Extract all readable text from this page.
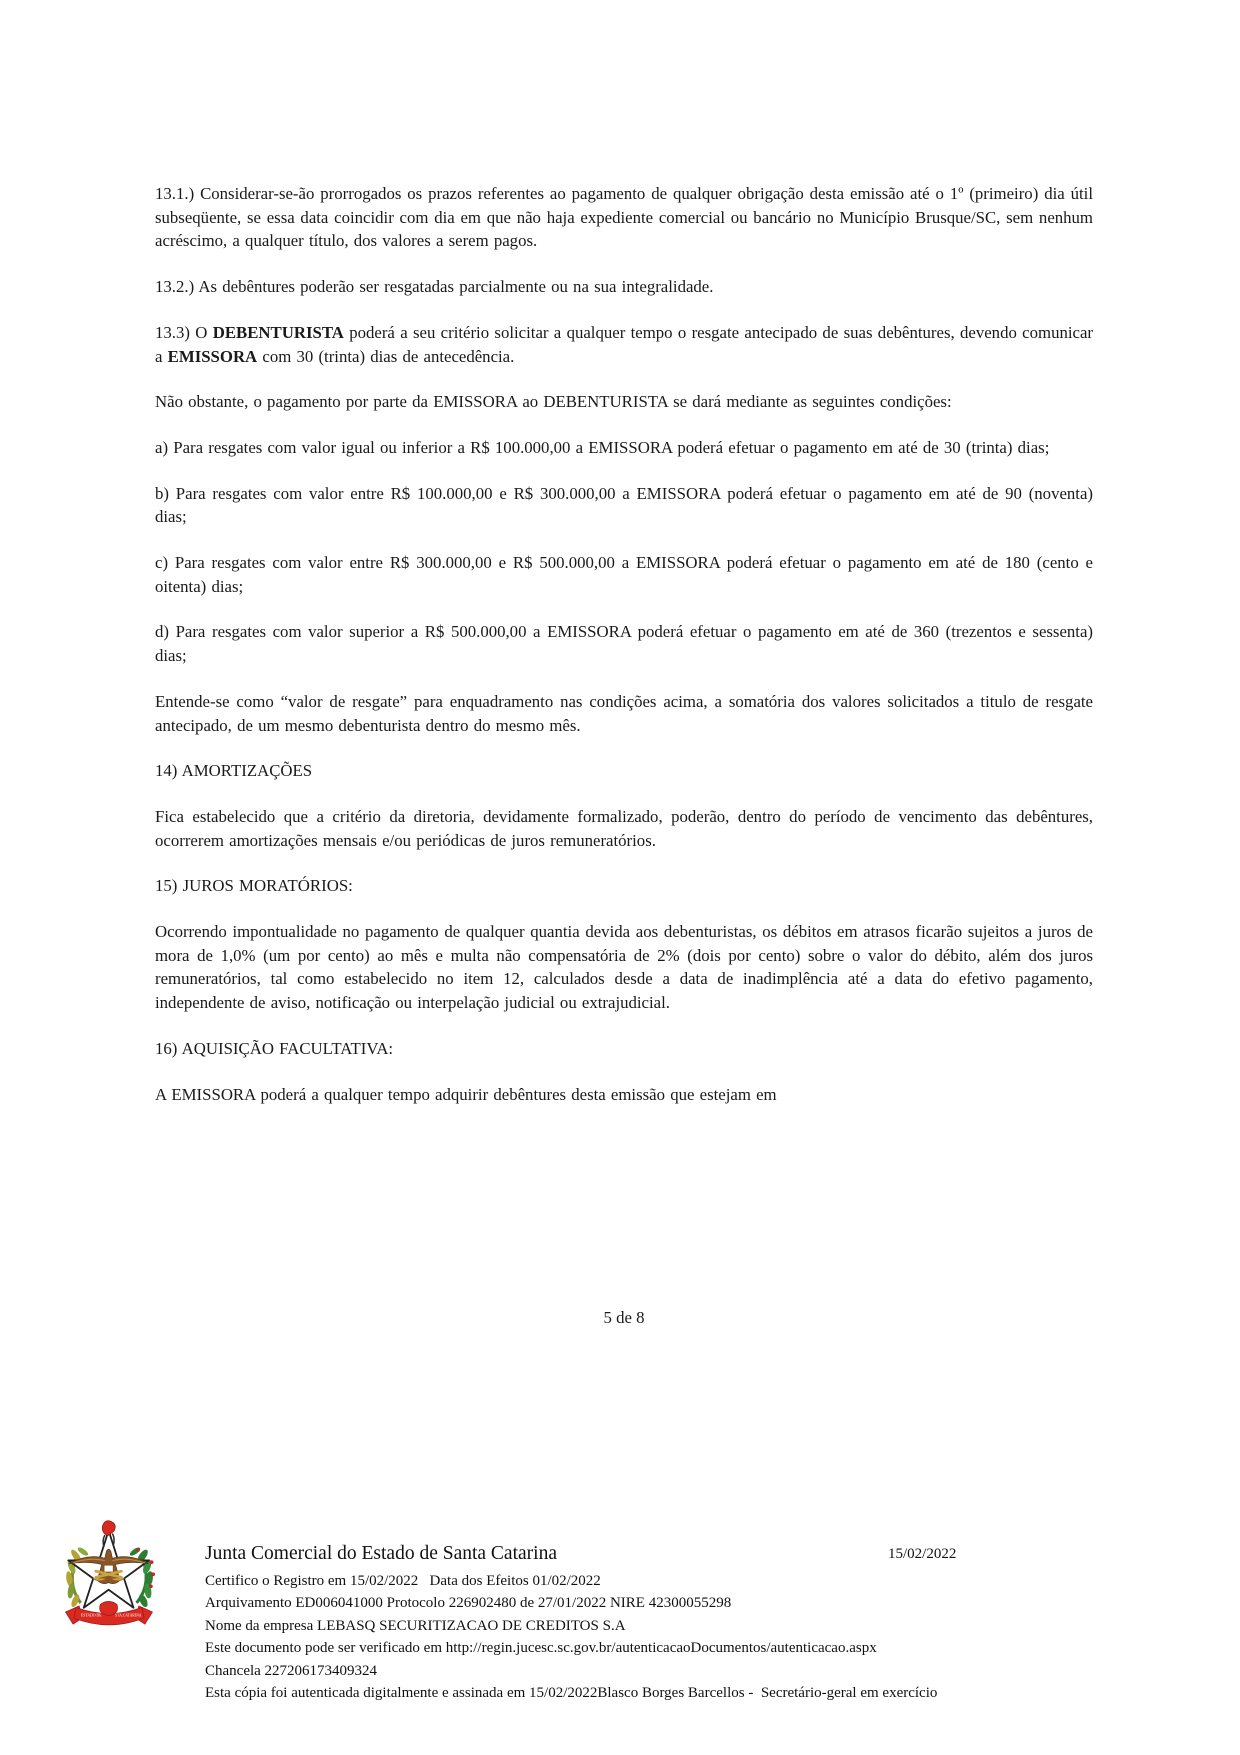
13.1.) Considerar-se-ão prorrogados os prazos referentes ao pagamento de qualquer obrigação desta emissão até o 1º (primeiro) dia útil subseqüente, se essa data coincidir com dia em que não haja expediente comercial ou bancário no Município Brusque/SC, sem nenhum acréscimo, a qualquer título, dos valores a serem pagos.

13.2.) As debêntures poderão ser resgatadas parcialmente ou na sua integralidade.

13.3) O DEBENTURISTA poderá a seu critério solicitar a qualquer tempo o resgate antecipado de suas debêntures, devendo comunicar a EMISSORA com 30 (trinta) dias de antecedência.

Não obstante, o pagamento por parte da EMISSORA ao DEBENTURISTA se dará mediante as seguintes condições:

a) Para resgates com valor igual ou inferior a R$ 100.000,00 a EMISSORA poderá efetuar o pagamento em até de 30 (trinta) dias;

b) Para resgates com valor entre R$ 100.000,00 e R$ 300.000,00 a EMISSORA poderá efetuar o pagamento em até de 90 (noventa) dias;

c) Para resgates com valor entre R$ 300.000,00 e R$ 500.000,00 a EMISSORA poderá efetuar o pagamento em até de 180 (cento e oitenta) dias;

d) Para resgates com valor superior a R$ 500.000,00 a EMISSORA poderá efetuar o pagamento em até de 360 (trezentos e sessenta) dias;

Entende-se como “valor de resgate” para enquadramento nas condições acima, a somatória dos valores solicitados a titulo de resgate antecipado, de um mesmo debenturista dentro do mesmo mês.

14) AMORTIZAÇÕES

Fica estabelecido que a critério da diretoria, devidamente formalizado, poderão, dentro do período de vencimento das debêntures, ocorrerem amortizações mensais e/ou periódicas de juros remuneratórios.

15) JUROS MORATÓRIOS:

Ocorrendo impontualidade no pagamento de qualquer quantia devida aos debenturistas, os débitos em atrasos ficarão sujeitos a juros de mora de 1,0% (um por cento) ao mês e multa não compensatória de 2% (dois por cento) sobre o valor do débito, além dos juros remuneratórios, tal como estabelecido no item 12, calculados desde a data de inadimplência até a data do efetivo pagamento, independente de aviso, notificação ou interpelação judicial ou extrajudicial.

16) AQUISIÇÃO FACULTATIVA:

A EMISSORA poderá a qualquer tempo adquirir debêntures desta emissão que estejam em

5 de 8
ESTADO DE	STA.CATARINA
Junta Comercial do Estado de Santa Catarina
Certifico o Registro em 15/02/2022   Data dos Efeitos 01/02/2022
Arquivamento ED006041000 Protocolo 226902480 de 27/01/2022 NIRE 42300055298
Nome da empresa LEBASQ SECURITIZACAO DE CREDITOS S.A
Este documento pode ser verificado em http://regin.jucesc.sc.gov.br/autenticacaoDocumentos/autenticacao.aspx
Chancela 227206173409324
Esta cópia foi autenticada digitalmente e assinada em 15/02/2022Blasco Borges Barcellos -  Secretário-geral em exercício
15/02/2022
